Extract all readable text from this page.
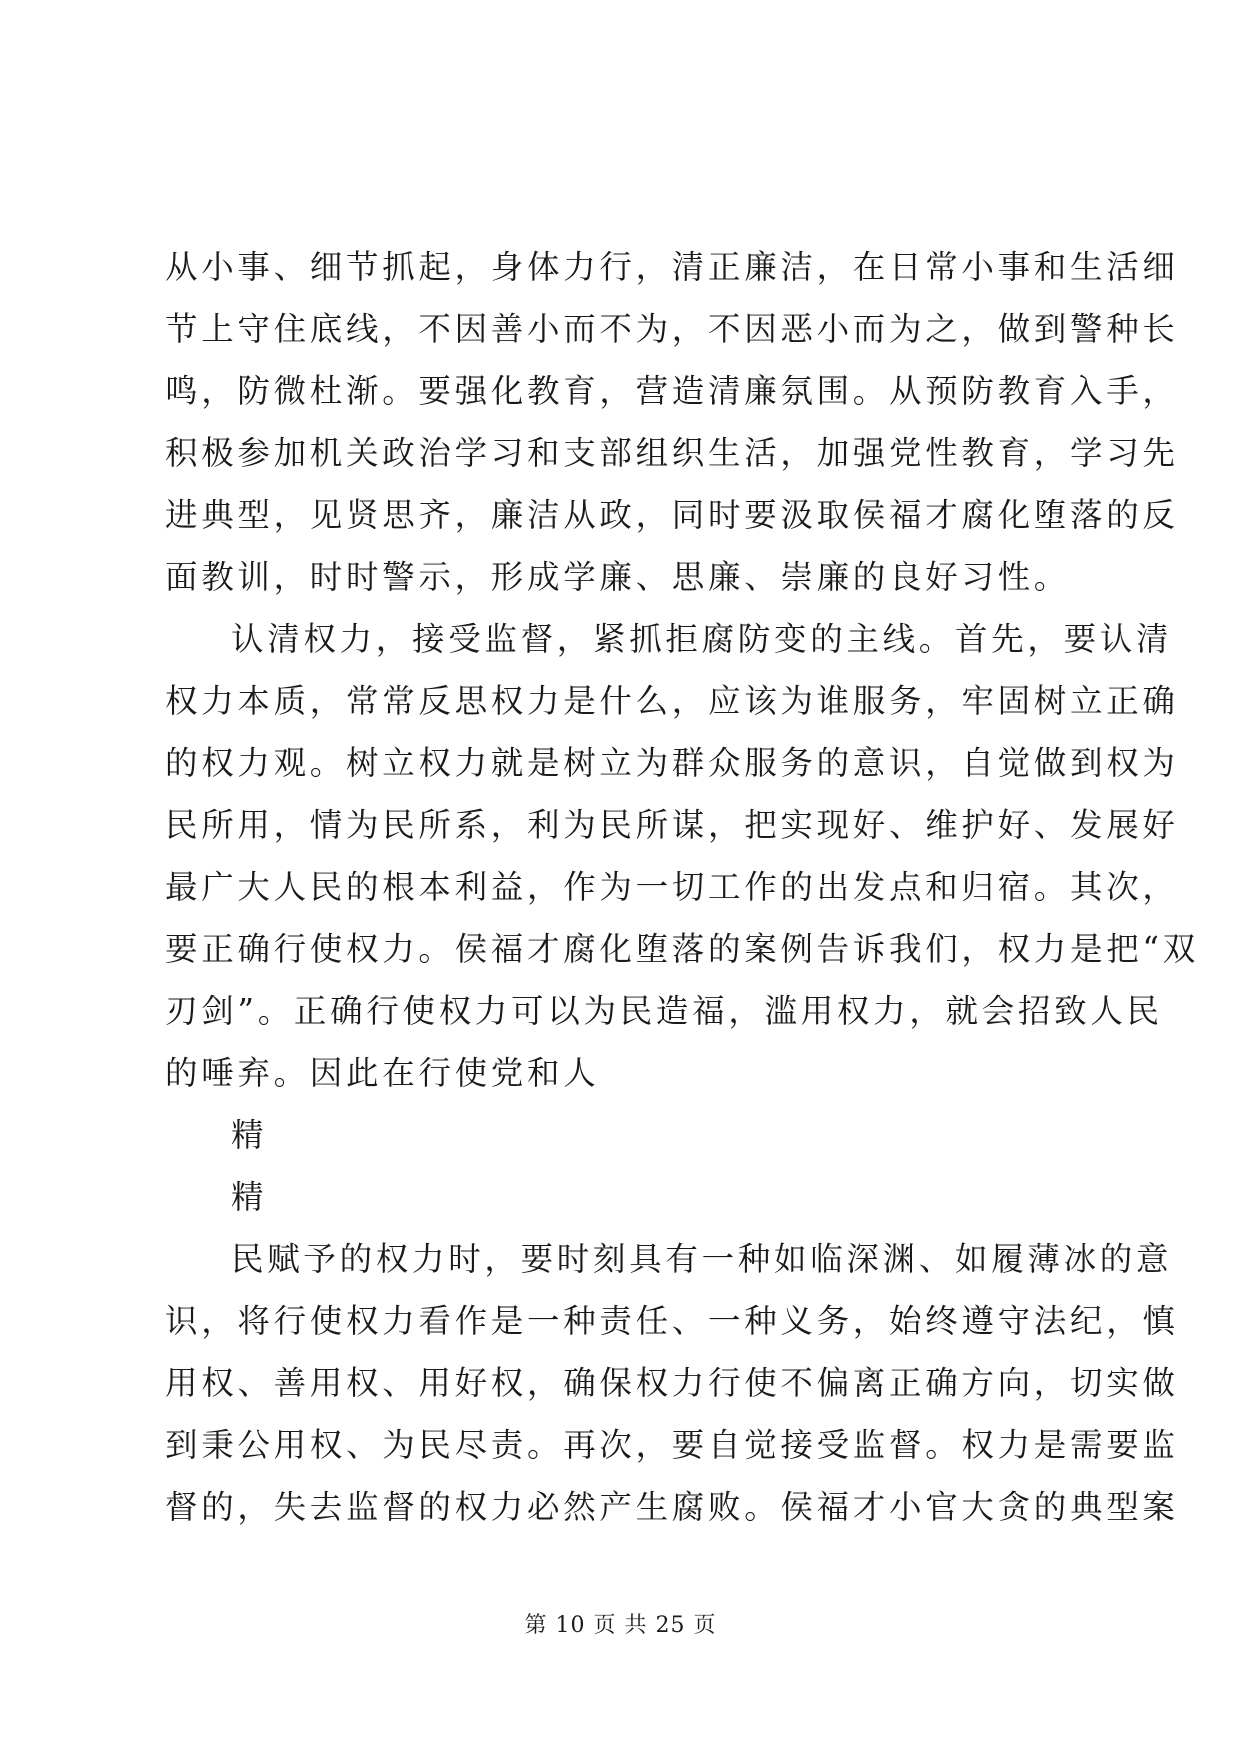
从小事、细节抓起，身体力行，清正廉洁，在日常小事和生活细
节上守住底线，不因善小而不为，不因恶小而为之，做到警种长
鸣，防微杜渐。要强化教育，营造清廉氛围。从预防教育入手，
积极参加机关政治学习和支部组织生活，加强党性教育，学习先
进典型，见贤思齐，廉洁从政，同时要汲取侯福才腐化堕落的反
面教训，时时警示，形成学廉、思廉、崇廉的良好习性。
认清权力，接受监督，紧抓拒腐防变的主线。首先，要认清
权力本质，常常反思权力是什么，应该为谁服务，牢固树立正确
的权力观。树立权力就是树立为群众服务的意识，自觉做到权为
民所用，情为民所系，利为民所谋，把实现好、维护好、发展好
最广大人民的根本利益，作为一切工作的出发点和归宿。其次，
要正确行使权力。侯福才腐化堕落的案例告诉我们，权力是把“双
刃剑”。正确行使权力可以为民造福，滥用权力，就会招致人民
的唾弃。因此在行使党和人
精
精
民赋予的权力时，要时刻具有一种如临深渊、如履薄冰的意
识，将行使权力看作是一种责任、一种义务，始终遵守法纪，慎
用权、善用权、用好权，确保权力行使不偏离正确方向，切实做
到秉公用权、为民尽责。再次，要自觉接受监督。权力是需要监
督的，失去监督的权力必然产生腐败。侯福才小官大贪的典型案
第 10 页 共 25 页
